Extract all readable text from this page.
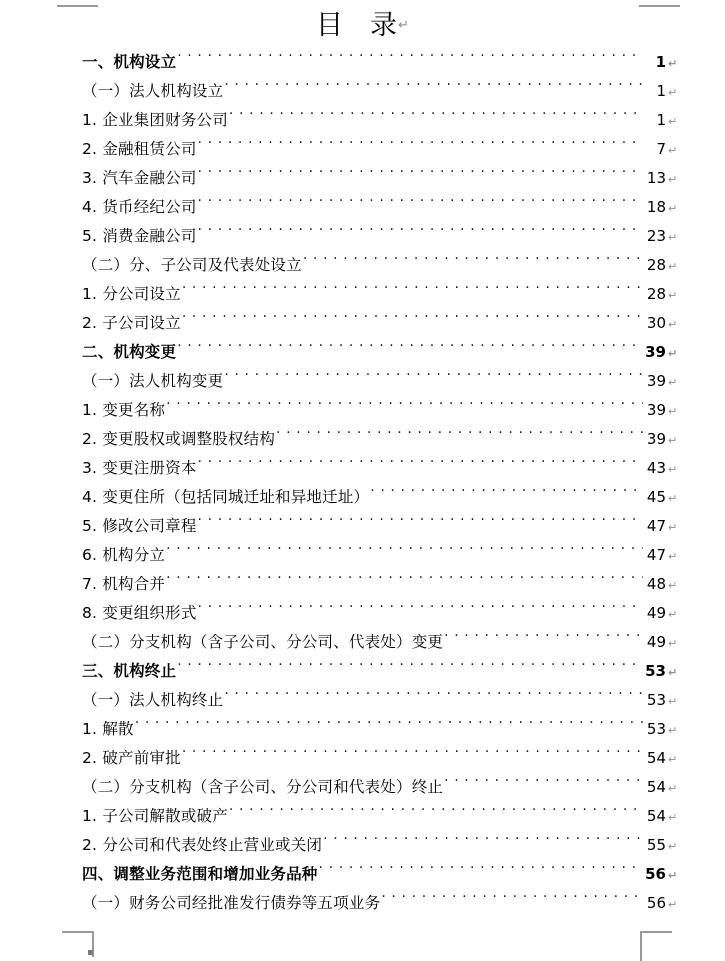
目　录↵
一、机构设立 . . .	1 ↵
（一）法人机构设立 . . .	1 ↵
1. 企业集团财务公司 . . .	1 ↵
2. 金融租赁公司 . . .	7 ↵
3. 汽车金融公司 . . .	13 ↵
4. 货币经纪公司 . . .	18 ↵
5. 消费金融公司 . . .	23 ↵
（二）分、子公司及代表处设立 . . .	28 ↵
1. 分公司设立 . . .	28 ↵
2. 子公司设立 . . .	30 ↵
二、机构变更 . . .	39 ↵
（一）法人机构变更 . . .	39 ↵
1. 变更名称 . . .	39 ↵
2. 变更股权或调整股权结构 . . .	39 ↵
3. 变更注册资本 . . .	43 ↵
4. 变更住所（包括同城迁址和异地迁址） . . .	45 ↵
5. 修改公司章程 . . .	47 ↵
6. 机构分立 . . .	47 ↵
7. 机构合并 . . .	48 ↵
8. 变更组织形式 . . .	49 ↵
（二）分支机构（含子公司、分公司、代表处）变更 . . .	49 ↵
三、机构终止 . . .	53 ↵
（一）法人机构终止 . . .	53 ↵
1. 解散 . . .	53 ↵
2. 破产前审批 . . .	54 ↵
（二）分支机构（含子公司、分公司和代表处）终止 . . .	54 ↵
1. 子公司解散或破产 . . .	54 ↵
2. 分公司和代表处终止营业或关闭 . . .	55 ↵
四、调整业务范围和增加业务品种 . . .	56 ↵
（一）财务公司经批准发行债券等五项业务 . . .	56 ↵
